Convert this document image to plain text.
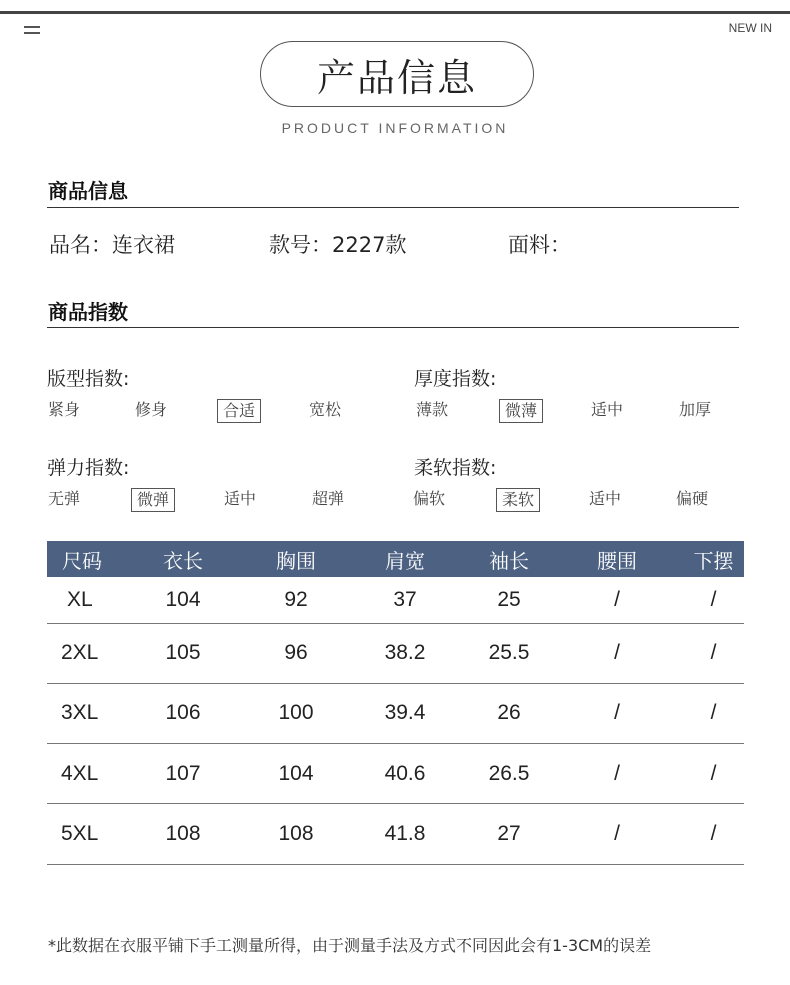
NEW IN
产品信息
PRODUCT INFORMATION
商品信息
品名：连衣裙	款号：2227款	面料：
商品指数
版型指数:
紧身	修身	合适	宽松
厚度指数:
薄款	微薄	适中	加厚
弹力指数:
无弹	微弹	适中	超弹
柔软指数:
偏软	柔软	适中	偏硬
尺码	衣长	胸围	肩宽	袖长	腰围	下摆
XL	104	92	37	25	/	/
2XL	105	96	38.2	25.5	/	/
3XL	106	100	39.4	26	/	/
4XL	107	104	40.6	26.5	/	/
5XL	108	108	41.8	27	/	/
*此数据在衣服平铺下手工测量所得，由于测量手法及方式不同因此会有1-3CM的误差
